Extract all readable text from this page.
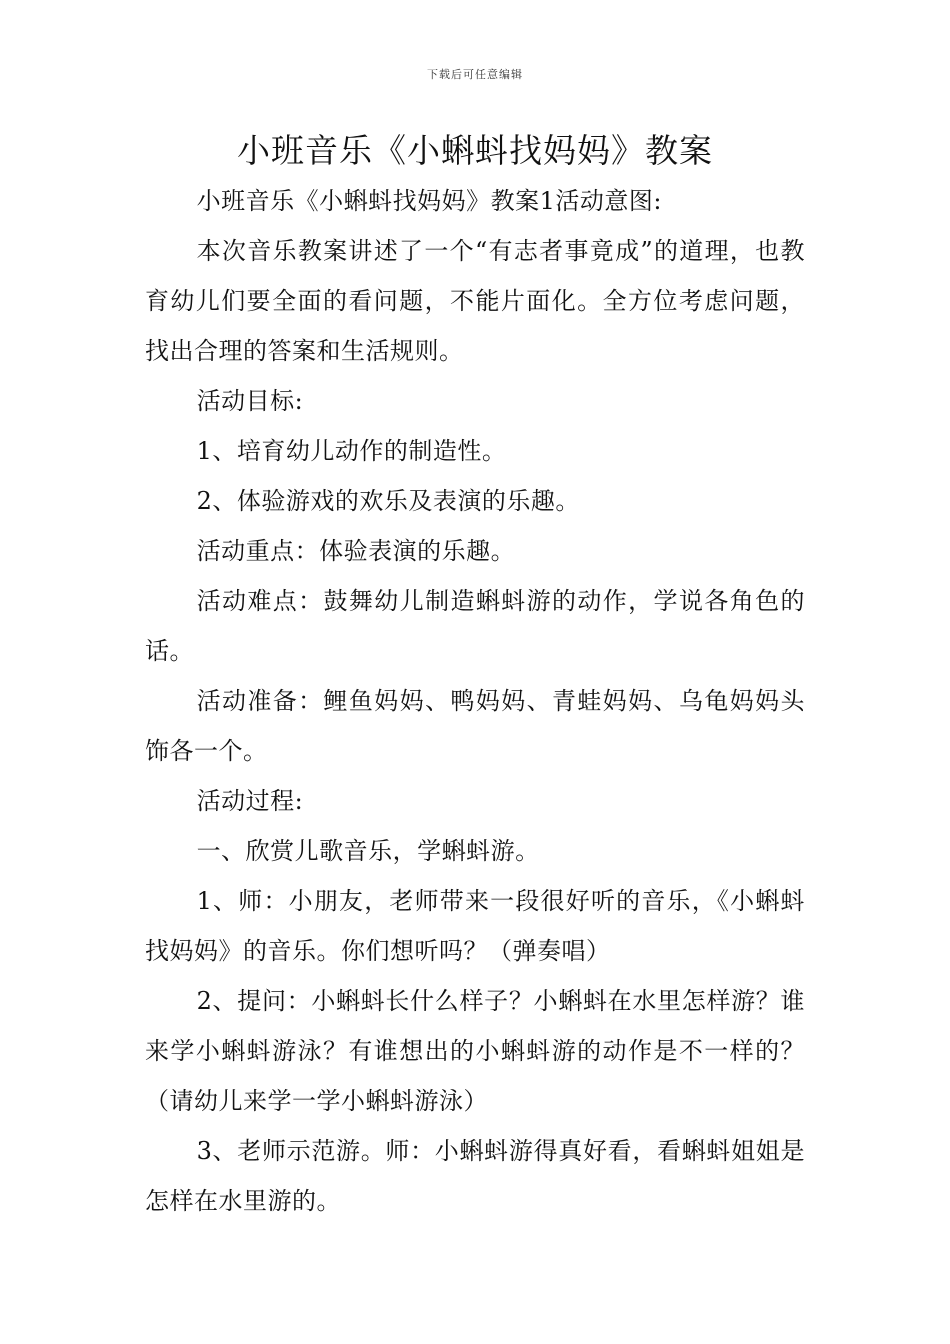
下载后可任意编辑
小班音乐《小蝌蚪找妈妈》教案

小班音乐《小蝌蚪找妈妈》教案1活动意图:

本次音乐教案讲述了一个“有志者事竟成”的道理，也教育幼儿们要全面的看问题，不能片面化。全方位考虑问题，找出合理的答案和生活规则。

活动目标:

1、培育幼儿动作的制造性。

2、体验游戏的欢乐及表演的乐趣。

活动重点：体验表演的乐趣。

活动难点：鼓舞幼儿制造蝌蚪游的动作，学说各角色的话。

活动准备：鲤鱼妈妈、鸭妈妈、青蛙妈妈、乌龟妈妈头饰各一个。

活动过程:

一、欣赏儿歌音乐，学蝌蚪游。

1、师：小朋友，老师带来一段很好听的音乐，《小蝌蚪找妈妈》的音乐。你们想听吗？（弹奏唱）

2、提问：小蝌蚪长什么样子？小蝌蚪在水里怎样游？谁来学小蝌蚪游泳？有谁想出的小蝌蚪游的动作是不一样的？（请幼儿来学一学小蝌蚪游泳）

3、老师示范游。师：小蝌蚪游得真好看，看蝌蚪姐姐是怎样在水里游的。
